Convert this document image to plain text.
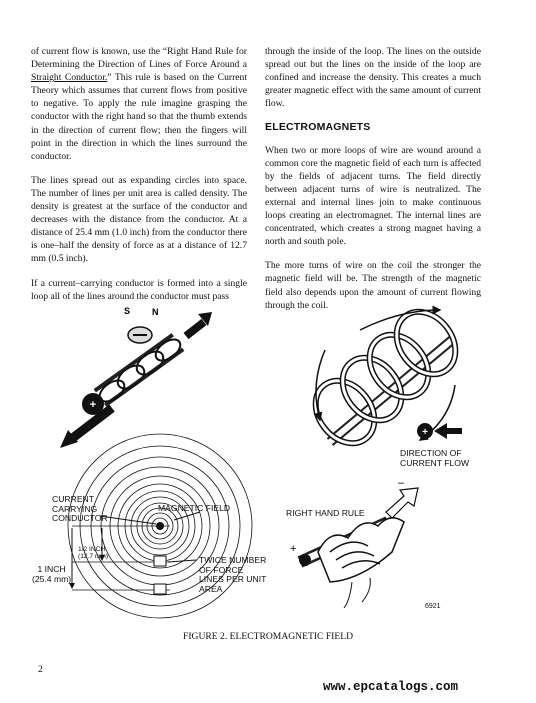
of current flow is known, use the “Right Hand Rule for Determining the Direction of Lines of Force Around a Straight Conductor.” This rule is based on the Current Theory which assumes that current flows from positive to negative. To apply the rule imagine grasping the conductor with the right hand so that the thumb extends in the direction of current flow; then the fingers will point in the direction in which the lines surround the conductor.

The lines spread out as expanding circles into space. The number of lines per unit area is called density. The density is greatest at the surface of the conductor and decreases with the distance from the conductor. At a distance of 25.4 mm (1.0 inch) from the conductor there is one–half the density of force as at a distance of 12.7 mm (0.5 inch).

If a current–carrying conductor is formed into a single loop all of the lines around the conductor must pass

through the inside of the loop. The lines on the outside spread out but the lines on the inside of the loop are confined and increase the density. This creates a much greater magnetic effect with the same amount of current flow.

ELECTROMAGNETS

When two or more loops of wire are wound around a common core the magnetic field of each turn is affected by the fields of adjacent turns. The field directly between adjacent turns of wire is neutralized. The external and internal lines join to make continuous loops creating an electromagnet. The internal lines are concentrated, which creates a strong magnet having a north and south pole.

The more turns of wire on the coil the stronger the magnetic field will be. The strength of the magnetic field also depends upon the amount of current flowing through the coil.

+
S N
+
+
–
DIRECTION OF
CURRENT FLOW
CURRENT
CARRYING
CONDUCTOR
MAGNETIC FIELD
1/2 INCH
(12.7 mm)
1 INCH
(25.4 mm)
TWICE NUMBER
OF FORCE
LINES PER UNIT
AREA
RIGHT HAND RULE
6921
FIGURE 2. ELECTROMAGNETIC FIELD
2
www.epcatalogs.com
